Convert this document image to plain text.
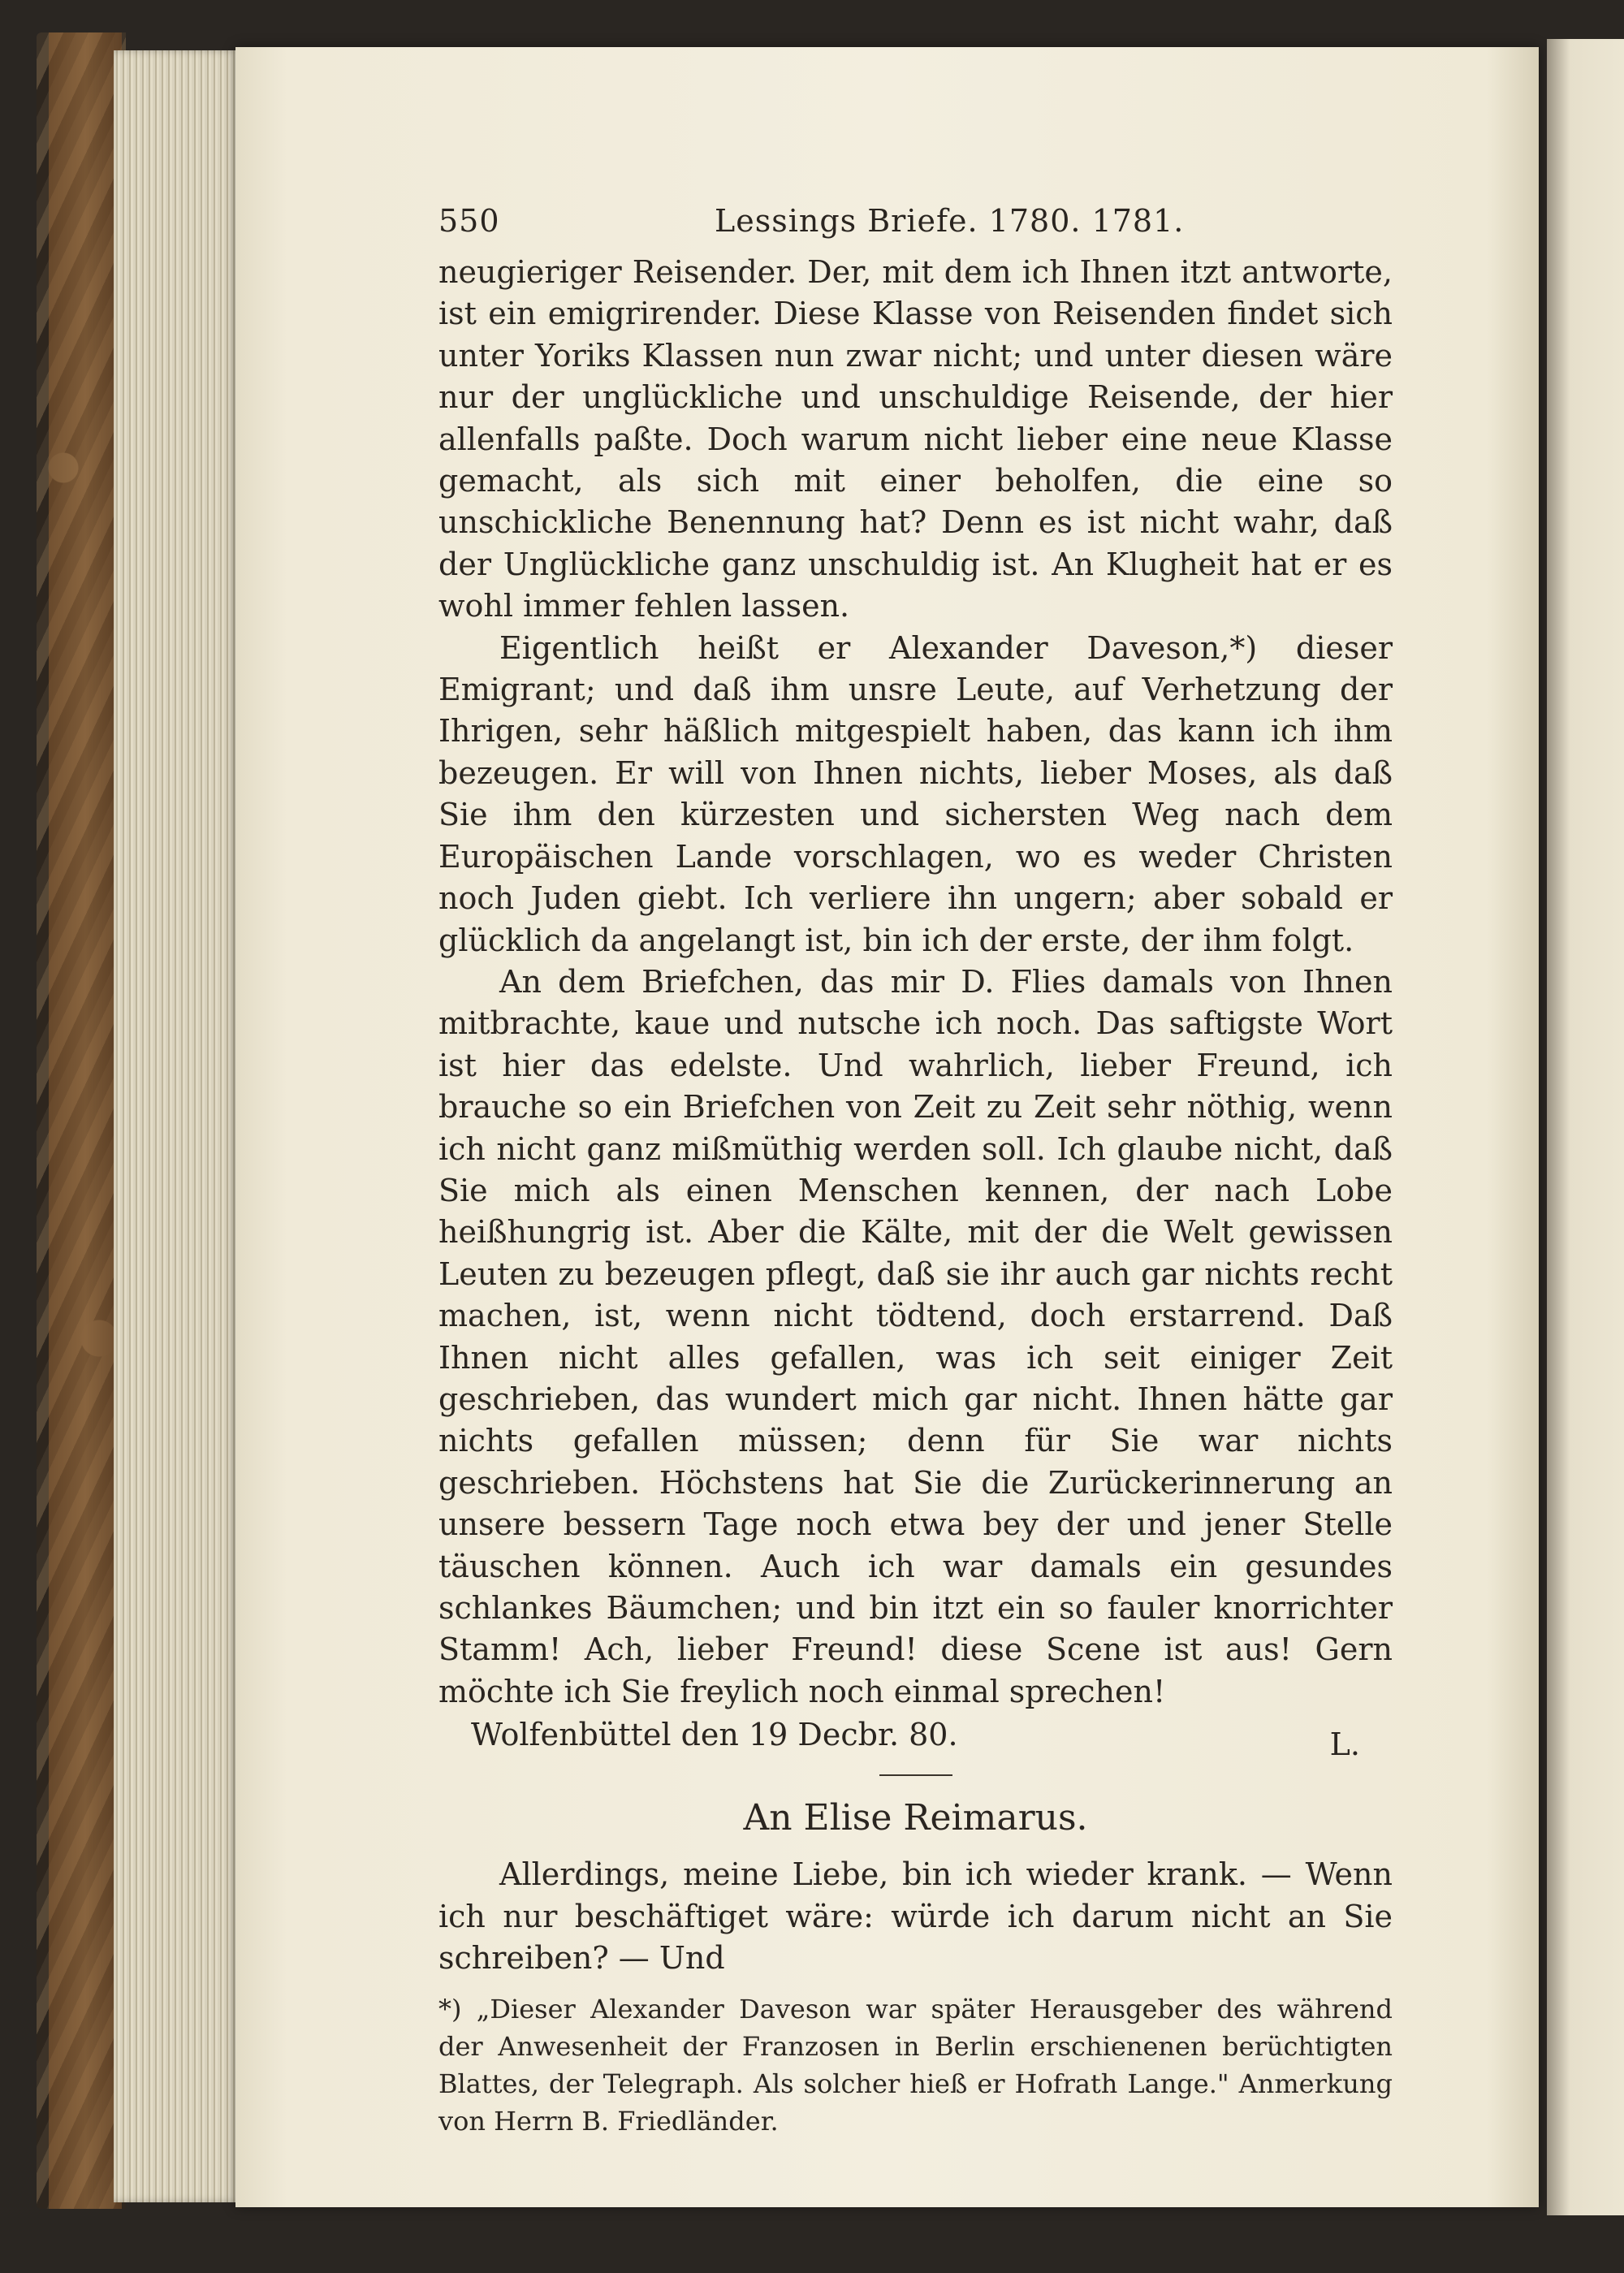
550	Lessings Briefe. 1780. 1781.

neugieriger Reisender. Der, mit dem ich Ihnen itzt antworte, ist ein emigrirender. Diese Klasse von Reisenden findet sich unter Yoriks Klassen nun zwar nicht; und unter diesen wäre nur der unglückliche und unschuldige Reisende, der hier allenfalls paßte. Doch warum nicht lieber eine neue Klasse gemacht, als sich mit einer beholfen, die eine so unschickliche Benennung hat? Denn es ist nicht wahr, daß der Unglückliche ganz unschuldig ist. An Klugheit hat er es wohl immer fehlen lassen.

Eigentlich heißt er Alexander Daveson,*) dieser Emigrant; und daß ihm unsre Leute, auf Verhetzung der Ihrigen, sehr häßlich mitgespielt haben, das kann ich ihm bezeugen. Er will von Ihnen nichts, lieber Moses, als daß Sie ihm den kürzesten und sichersten Weg nach dem Europäischen Lande vorschlagen, wo es weder Christen noch Juden giebt. Ich verliere ihn ungern; aber sobald er glücklich da angelangt ist, bin ich der erste, der ihm folgt.

An dem Briefchen, das mir D. Flies damals von Ihnen mitbrachte, kaue und nutsche ich noch. Das saftigste Wort ist hier das edelste. Und wahrlich, lieber Freund, ich brauche so ein Briefchen von Zeit zu Zeit sehr nöthig, wenn ich nicht ganz mißmüthig werden soll. Ich glaube nicht, daß Sie mich als einen Menschen kennen, der nach Lobe heißhungrig ist. Aber die Kälte, mit der die Welt gewissen Leuten zu bezeugen pflegt, daß sie ihr auch gar nichts recht machen, ist, wenn nicht tödtend, doch erstarrend. Daß Ihnen nicht alles gefallen, was ich seit einiger Zeit geschrieben, das wundert mich gar nicht. Ihnen hätte gar nichts gefallen müssen; denn für Sie war nichts geschrieben. Höchstens hat Sie die Zurückerinnerung an unsere bessern Tage noch etwa bey der und jener Stelle täuschen können. Auch ich war damals ein gesundes schlankes Bäumchen; und bin itzt ein so fauler knorrichter Stamm! Ach, lieber Freund! diese Scene ist aus! Gern möchte ich Sie freylich noch einmal sprechen!

Wolfenbüttel den 19 Decbr. 80.	L.
An Elise Reimarus.

Allerdings, meine Liebe, bin ich wieder krank. — Wenn ich nur beschäftiget wäre: würde ich darum nicht an Sie schreiben? — Und

*) „Dieser Alexander Daveson war später Herausgeber des während der Anwesenheit der Franzosen in Berlin erschienenen berüchtigten Blattes, der Telegraph. Als solcher hieß er Hofrath Lange." Anmerkung von Herrn B. Friedländer.
